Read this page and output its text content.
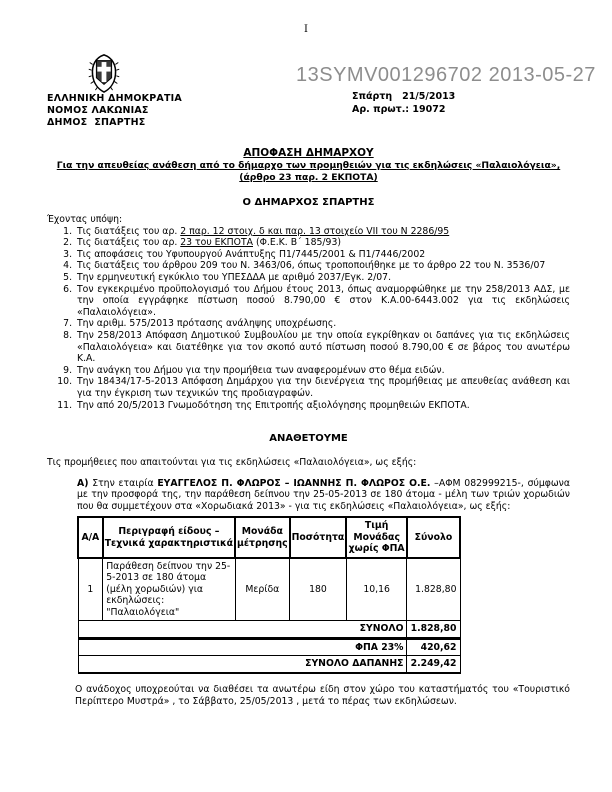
I
ΕΛΛΗΝΙΚΗ ΔΗΜΟΚΡΑΤΙΑ
ΝΟΜΟΣ ΛΑΚΩΝΙΑΣ
ΔΗΜΟΣ  ΣΠΑΡΤΗΣ
13SYMV001296702 2013-05-27
Σπάρτη   21/5/2013
Αρ. πρωτ.: 19072
ΑΠΟΦΑΣΗ ΔΗΜΑΡΧΟΥ
Για την απευθείας ανάθεση από το δήμαρχο των προμηθειών για τις εκδηλώσεις «Παλαιολόγεια»,
(άρθρο 23 παρ. 2 ΕΚΠΟΤΑ)
Ο ΔΗΜΑΡΧΟΣ ΣΠΑΡΤΗΣ
Έχοντας υπόψη:
1. Τις διατάξεις του αρ. 2 παρ. 12 στοιχ. δ και παρ. 13 στοιχείο VII του Ν 2286/95
2. Τις διατάξεις του αρ. 23 του ΕΚΠΟΤΑ (Φ.Ε.Κ. Β΄ 185/93)
3. Τις αποφάσεις του Υφυπουργού Ανάπτυξης Π1/7445/2001 & Π1/7446/2002
4. Τις διατάξεις του άρθρου 209 του Ν. 3463/06, όπως τροποποιήθηκε με το άρθρο 22 του Ν. 3536/07
5. Την ερμηνευτική εγκύκλιο του ΥΠΕΣΔΔΑ με αριθμό 2037/Εγκ. 2/07.
6. Τον εγκεκριμένο προϋπολογισμό του Δήμου έτους 2013, όπως αναμορφώθηκε με την 258/2013 ΑΔΣ, με την οποία εγγράφηκε πίστωση ποσού 8.790,00 € στον Κ.Α.00-6443.002 για τις εκδηλώσεις «Παλαιολόγεια».
7. Την αριθμ. 575/2013 πρότασης ανάληψης υποχρέωσης.
8. Την 258/2013 Απόφαση Δημοτικού Συμβουλίου με την οποία εγκρίθηκαν οι δαπάνες για τις εκδηλώσεις «Παλαιολόγεια» και διατέθηκε για τον σκοπό αυτό πίστωση ποσού 8.790,00 € σε βάρος του ανωτέρω Κ.Α.
9. Την ανάγκη του Δήμου για την προμήθεια των αναφερομένων στο θέμα ειδών.
10. Την 18434/17-5-2013 Απόφαση Δημάρχου για την διενέργεια της προμήθειας με απευθείας ανάθεση και για την έγκριση των τεχνικών της προδιαγραφών.
11. Την από 20/5/2013 Γνωμοδότηση της Επιτροπής αξιολόγησης προμηθειών ΕΚΠΟΤΑ.
ΑΝΑΘΕΤΟΥΜΕ
Τις προμήθειες που απαιτούνται για τις εκδηλώσεις «Παλαιολόγεια», ως εξής:
Α) Στην εταιρία ΕΥΑΓΓΕΛΟΣ Π. ΦΛΩΡΟΣ – ΙΩΑΝΝΗΣ Π. ΦΛΩΡΟΣ Ο.Ε. –ΑΦΜ 082999215-, σύμφωνα με την προσφορά της, την παράθεση δείπνου την 25-05-2013 σε 180 άτομα - μέλη των τριών χορωδιών που θα συμμετέχουν στα «Χορωδιακά 2013» - για τις εκδηλώσεις «Παλαιολόγεια», ως εξής:
Α/Α	Περιγραφή είδους – Τεχνικά χαρακτηριστικά	Μονάδα μέτρησης	Ποσότητα	Τιμή Μονάδας χωρίς ΦΠΑ	Σύνολο
1	Παράθεση δείπνου την 25-5-2013 σε 180 άτομα (μέλη χορωδιών) για εκδηλώσεις: "Παλαιολόγεια"	Μερίδα	180	10,16	1.828,80
ΣΥΝΟΛΟ					1.828,80
ΦΠΑ 23%					420,62
ΣΥΝΟΛΟ ΔΑΠΑΝΗΣ					2.249,42
Ο ανάδοχος υποχρεούται να διαθέσει τα ανωτέρω είδη στον χώρο του καταστήματός του «Τουριστικό Περίπτερο Μυστρά» , το Σάββατο, 25/05/2013 , μετά το πέρας των εκδηλώσεων.
